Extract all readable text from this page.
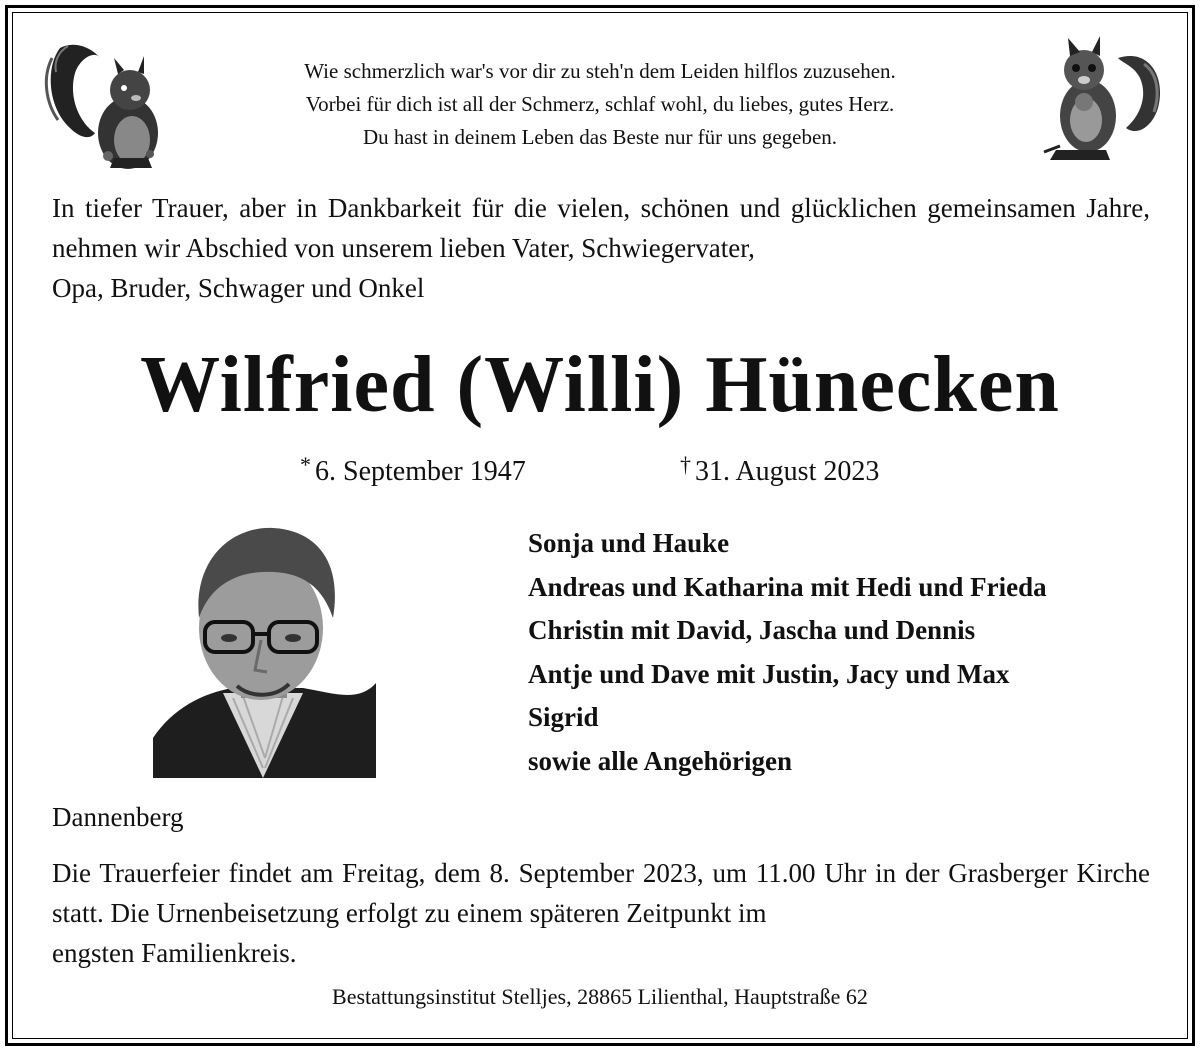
Wie schmerzlich war's vor dir zu steh'n dem Leiden hilflos zuzusehen.
Vorbei für dich ist all der Schmerz, schlaf wohl, du liebes, gutes Herz.
Du hast in deinem Leben das Beste nur für uns gegeben.
In tiefer Trauer, aber in Dankbarkeit für die vielen, schönen und glücklichen gemeinsamen Jahre, nehmen wir Abschied von unserem lieben Vater, Schwiegervater,
Opa, Bruder, Schwager und Onkel
Wilfried (Willi) Hünecken
* 6. September 1947	† 31. August 2023
Sonja und Hauke
Andreas und Katharina mit Hedi und Frieda
Christin mit David, Jascha und Dennis
Antje und Dave mit Justin, Jacy und Max
Sigrid
sowie alle Angehörigen
Dannenberg
Die Trauerfeier findet am Freitag, dem 8. September 2023, um 11.00 Uhr in der Grasberger Kirche statt. Die Urnenbeisetzung erfolgt zu einem späteren Zeitpunkt im
engsten Familienkreis.
Bestattungsinstitut Stelljes, 28865 Lilienthal, Hauptstraße 62
